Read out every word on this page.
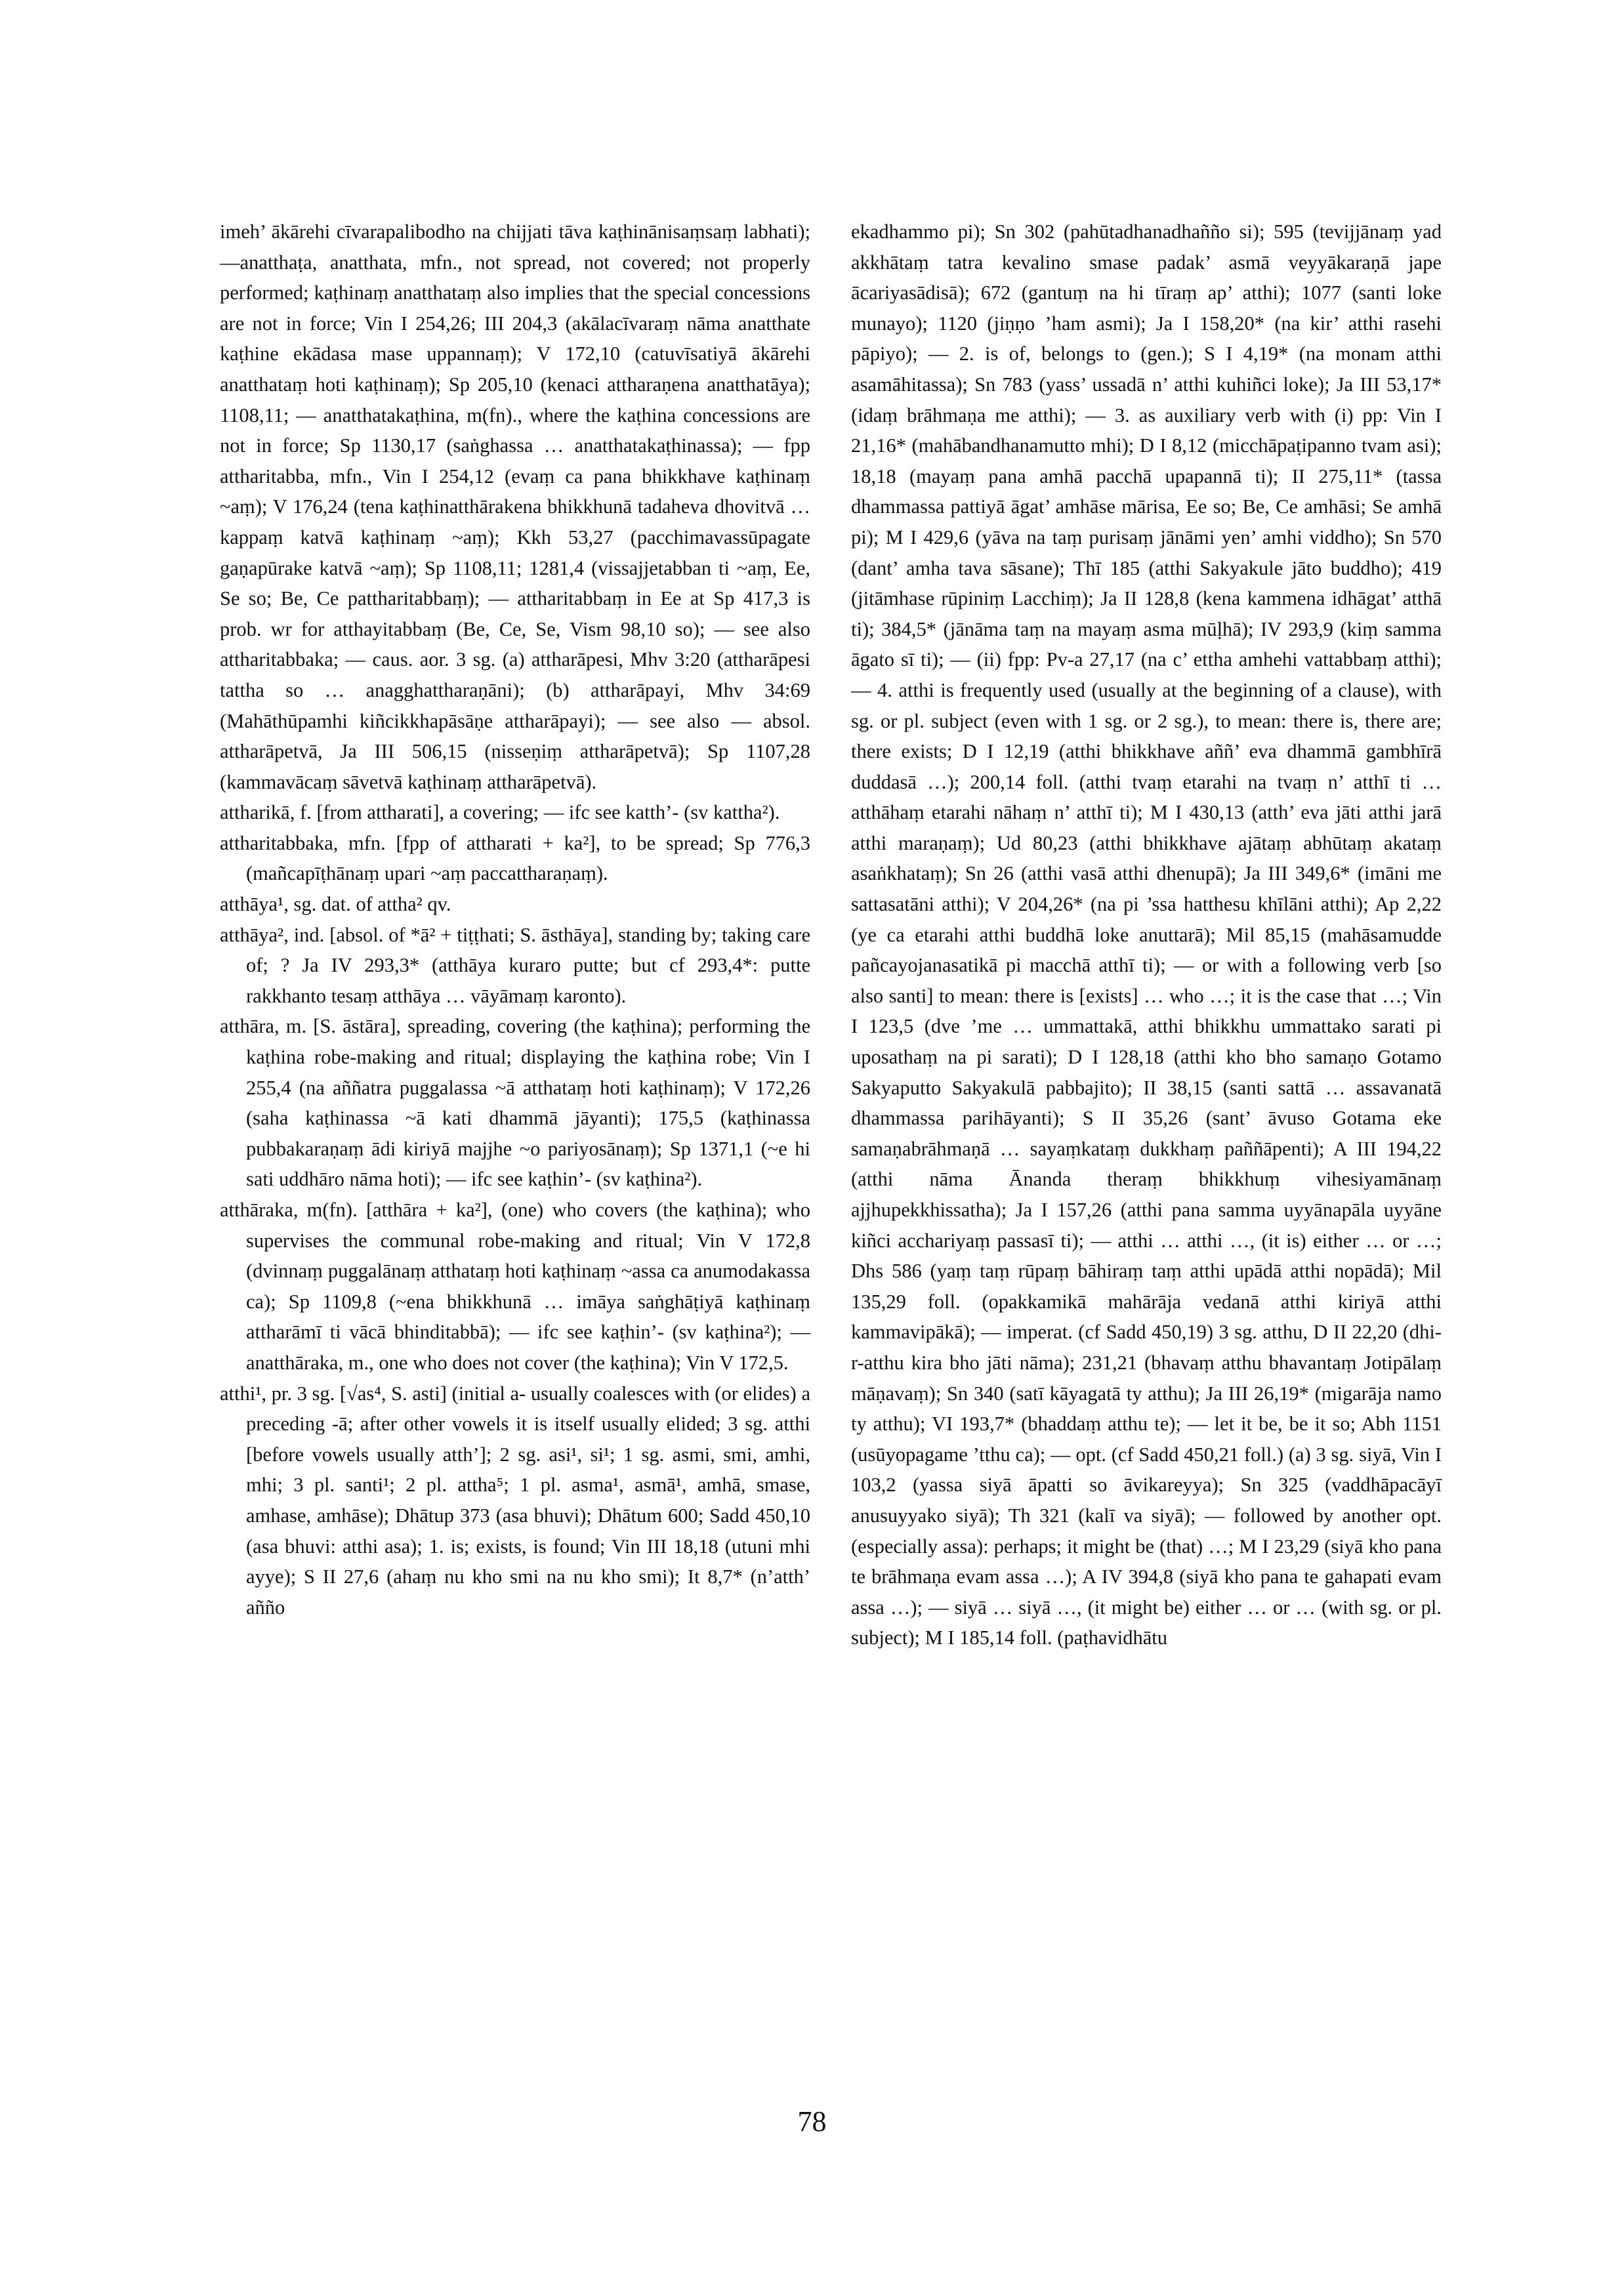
imeh’ ākārehi cīvarapalibodho na chijjati tāva kaṭhinānisaṃsaṃ labhati); —anatthaṭa, anatthata, mfn., not spread, not covered; not properly performed; kaṭhinaṃ anatthataṃ also implies that the special concessions are not in force; Vin I 254,26; III 204,3 (akālacīvaraṃ nāma anatthate kaṭhine ekādasa mase uppannaṃ); V 172,10 (catuvīsatiyā ākārehi anatthataṃ hoti kaṭhinaṃ); Sp 205,10 (kenaci attharaṇena anatthatāya); 1108,11; — anatthatakaṭhina, m(fn)., where the kaṭhina concessions are not in force; Sp 1130,17 (saṅghassa … anatthatakaṭhinassa); — fpp attharitabba, mfn., Vin I 254,12 (evaṃ ca pana bhikkhave kaṭhinaṃ ~aṃ); V 176,24 (tena kaṭhinatthārakena bhikkhunā tadaheva dhovitvā … kappaṃ katvā kaṭhinaṃ ~aṃ); Kkh 53,27 (pacchimavassūpagate gaṇapūrake katvā ~aṃ); Sp 1108,11; 1281,4 (vissajjetabban ti ~aṃ, Ee, Se so; Be, Ce pattharitabbaṃ); — attharitabbaṃ in Ee at Sp 417,3 is prob. wr for atthayitabbaṃ (Be, Ce, Se, Vism 98,10 so); — see also attharitabbaka; — caus. aor. 3 sg. (a) attharāpesi, Mhv 3:20 (attharāpesi tattha so … anagghattharaṇāni); (b) attharāpayi, Mhv 34:69 (Mahāthūpamhi kiñcikkhapāsāṇe attharāpayi); — see also — absol. attharāpetvā, Ja III 506,15 (nisseṇiṃ attharāpetvā); Sp 1107,28 (kammavācaṃ sāvetvā kaṭhinaṃ attharāpetvā).

attharikā, f. [from attharati], a covering; — ifc see katth’- (sv kattha²).

attharitabbaka, mfn. [fpp of attharati + ka²], to be spread; Sp 776,3 (mañcapīṭhānaṃ upari ~aṃ paccattharaṇaṃ).

atthāya¹, sg. dat. of attha² qv.

atthāya², ind. [absol. of *ā² + tiṭṭhati; S. āsthāya], standing by; taking care of; ? Ja IV 293,3* (atthāya kuraro putte; but cf 293,4*: putte rakkhanto tesaṃ atthāya … vāyāmaṃ karonto).

atthāra, m. [S. āstāra], spreading, covering (the kaṭhina); performing the kaṭhina robe-making and ritual; displaying the kaṭhina robe; Vin I 255,4 (na aññatra puggalassa ~ā atthataṃ hoti kaṭhinaṃ); V 172,26 (saha kaṭhinassa ~ā kati dhammā jāyanti); 175,5 (kaṭhinassa pubbakaraṇaṃ ādi kiriyā majjhe ~o pariyosānaṃ); Sp 1371,1 (~e hi sati uddhāro nāma hoti); — ifc see kaṭhin’- (sv kaṭhina²).

atthāraka, m(fn). [atthāra + ka²], (one) who covers (the kaṭhina); who supervises the communal robe-making and ritual; Vin V 172,8 (dvinnaṃ puggalānaṃ atthataṃ hoti kaṭhinaṃ ~assa ca anumodakassa ca); Sp 1109,8 (~ena bhikkhunā … imāya saṅghāṭiyā kaṭhinaṃ attharāmī ti vācā bhinditabbā); — ifc see kaṭhin’- (sv kaṭhina²); — anatthāraka, m., one who does not cover (the kaṭhina); Vin V 172,5.

atthi¹, pr. 3 sg. [√as⁴, S. asti] (initial a- usually coalesces with (or elides) a preceding -ā; after other vowels it is itself usually elided; 3 sg. atthi [before vowels usually atth’]; 2 sg. asi¹, si¹; 1 sg. asmi, smi, amhi, mhi; 3 pl. santi¹; 2 pl. attha⁵; 1 pl. asma¹, asmā¹, amhā, smase, amhase, amhāse); Dhātup 373 (asa bhuvi); Dhātum 600; Sadd 450,10 (asa bhuvi: atthi asa); 1. is; exists, is found; Vin III 18,18 (utuni mhi ayye); S II 27,6 (ahaṃ nu kho smi na nu kho smi); It 8,7* (n’atth’ añño

ekadhammo pi); Sn 302 (pahūtadhanadhañño si); 595 (tevijjānaṃ yad akkhātaṃ tatra kevalino smase padak’ asmā veyyākaraṇā jape ācariyasādisā); 672 (gantuṃ na hi tīraṃ ap’ atthi); 1077 (santi loke munayo); 1120 (jiṇṇo ’ham asmi); Ja I 158,20* (na kir’ atthi rasehi pāpiyo); — 2. is of, belongs to (gen.); S I 4,19* (na monam atthi asamāhitassa); Sn 783 (yass’ ussadā n’ atthi kuhiñci loke); Ja III 53,17* (idaṃ brāhmaṇa me atthi); — 3. as auxiliary verb with (i) pp: Vin I 21,16* (mahābandhanamutto mhi); D I 8,12 (micchāpaṭipanno tvam asi); 18,18 (mayaṃ pana amhā pacchā upapannā ti); II 275,11* (tassa dhammassa pattiyā āgat’ amhāse mārisa, Ee so; Be, Ce amhāsi; Se amhā pi); M I 429,6 (yāva na taṃ purisaṃ jānāmi yen’ amhi viddho); Sn 570 (dant’ amha tava sāsane); Thī 185 (atthi Sakyakule jāto buddho); 419 (jitāmhase rūpiniṃ Lacchiṃ); Ja II 128,8 (kena kammena idhāgat’ atthā ti); 384,5* (jānāma taṃ na mayaṃ asma mūḷhā); IV 293,9 (kiṃ samma āgato sī ti); — (ii) fpp: Pv-a 27,17 (na c’ ettha amhehi vattabbaṃ atthi); — 4. atthi is frequently used (usually at the beginning of a clause), with sg. or pl. subject (even with 1 sg. or 2 sg.), to mean: there is, there are; there exists; D I 12,19 (atthi bhikkhave aññ’ eva dhammā gambhīrā duddasā …); 200,14 foll. (atthi tvaṃ etarahi na tvaṃ n’ atthī ti … atthāhaṃ etarahi nāhaṃ n’ atthī ti); M I 430,13 (atth’ eva jāti atthi jarā atthi maraṇaṃ); Ud 80,23 (atthi bhikkhave ajātaṃ abhūtaṃ akataṃ asaṅkhataṃ); Sn 26 (atthi vasā atthi dhenupā); Ja III 349,6* (imāni me sattasatāni atthi); V 204,26* (na pi ’ssa hatthesu khīlāni atthi); Ap 2,22 (ye ca etarahi atthi buddhā loke anuttarā); Mil 85,15 (mahāsamudde pañcayojanasatikā pi macchā atthī ti); — or with a following verb [so also santi] to mean: there is [exists] … who …; it is the case that …; Vin I 123,5 (dve ’me … ummattakā, atthi bhikkhu ummattako sarati pi uposathaṃ na pi sarati); D I 128,18 (atthi kho bho samaṇo Gotamo Sakyaputto Sakyakulā pabbajito); II 38,15 (santi sattā … assavanatā dhammassa parihāyanti); S II 35,26 (sant’ āvuso Gotama eke samaṇabrāhmaṇā … sayaṃkataṃ dukkhaṃ paññāpenti); A III 194,22 (atthi nāma Ānanda theraṃ bhikkhuṃ vihesiyamānaṃ ajjhupekkhissatha); Ja I 157,26 (atthi pana samma uyyānapāla uyyāne kiñci acchariyaṃ passasī ti); — atthi … atthi …, (it is) either … or …; Dhs 586 (yaṃ taṃ rūpaṃ bāhiraṃ taṃ atthi upādā atthi nopādā); Mil 135,29 foll. (opakkamikā mahārāja vedanā atthi kiriyā atthi kammavipākā); — imperat. (cf Sadd 450,19) 3 sg. atthu, D II 22,20 (dhi-r-atthu kira bho jāti nāma); 231,21 (bhavaṃ atthu bhavantaṃ Jotipālaṃ māṇavaṃ); Sn 340 (satī kāyagatā ty atthu); Ja III 26,19* (migarāja namo ty atthu); VI 193,7* (bhaddaṃ atthu te); — let it be, be it so; Abh 1151 (usūyopagame ’tthu ca); — opt. (cf Sadd 450,21 foll.) (a) 3 sg. siyā, Vin I 103,2 (yassa siyā āpatti so āvikareyya); Sn 325 (vaddhāpacāyī anusuyyako siyā); Th 321 (kalī va siyā); — followed by another opt. (especially assa): perhaps; it might be (that) …; M I 23,29 (siyā kho pana te brāhmaṇa evam assa …); A IV 394,8 (siyā kho pana te gahapati evam assa …); — siyā … siyā …, (it might be) either … or … (with sg. or pl. subject); M I 185,14 foll. (paṭhavidhātu

78
